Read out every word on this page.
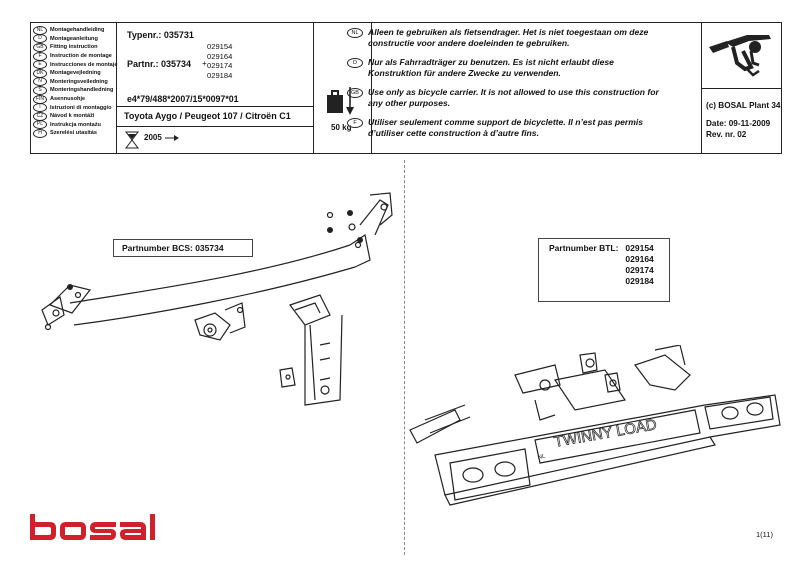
NL	Montagehandleiding
D	Montageanleitung
GB	Fitting instruction
F	Instruction de montage
E	Instrucciones de montaje
DK	Montagevejledning
N	Monteringsveiledning
S	Monteringshandledning
FIN	Asennusohje
I	Istruzioni di montaggio
CZ	Návod k montáži
PL	Instrukcja montażu
H	Szerelési utasítás
Typenr.: 035731
Partnr.: 035734 +
029154
029164
029174
029184
e4*79/488*2007/15*0097*01
Toyota Aygo / Peugeot 107 / Citroën C1
2005
50 kg
(c) BOSAL Plant 34
Date: 09-11-2009
Rev. nr. 02
NL	Alleen te gebruiken als fietsendrager. Het is niet toegestaan om deze constructie voor andere doeleinden te gebruiken.
D	Nur als Fahrradträger zu benutzen. Es ist nicht erlaubt diese Konstruktion für andere Zwecke zu verwenden.
GB	Use only as bicycle carrier. It is not allowed to use this construction for any other purposes.
F	Utiliser seulement comme support de bicyclette. Il n’est pas permis d’utiliser cette construction à d’autre fins.
Partnumber BCS: 035734	Partnumber BTL: 029154
029164
029174
029184
TWINNY LOAD
NL
1(11)
